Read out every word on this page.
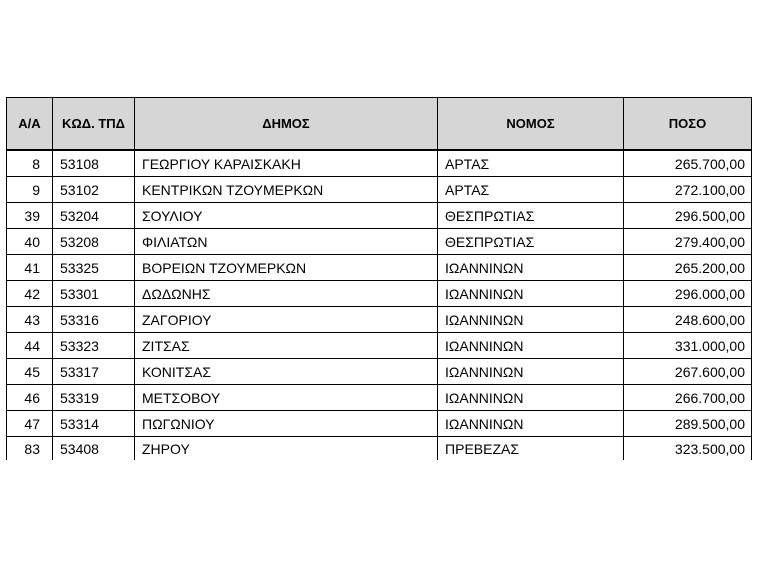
Α/Α	ΚΩΔ. ΤΠΔ	ΔΗΜΟΣ	ΝΟΜΟΣ	ΠΟΣΟ
8	53108	ΓΕΩΡΓΙΟΥ ΚΑΡΑΙΣΚΑΚΗ	ΑΡΤΑΣ	265.700,00
9	53102	ΚΕΝΤΡΙΚΩΝ ΤΖΟΥΜΕΡΚΩΝ	ΑΡΤΑΣ	272.100,00
39	53204	ΣΟΥΛΙΟΥ	ΘΕΣΠΡΩΤΙΑΣ	296.500,00
40	53208	ΦΙΛΙΑΤΩΝ	ΘΕΣΠΡΩΤΙΑΣ	279.400,00
41	53325	ΒΟΡΕΙΩΝ ΤΖΟΥΜΕΡΚΩΝ	ΙΩΑΝΝΙΝΩΝ	265.200,00
42	53301	ΔΩΔΩΝΗΣ	ΙΩΑΝΝΙΝΩΝ	296.000,00
43	53316	ΖΑΓΟΡΙΟΥ	ΙΩΑΝΝΙΝΩΝ	248.600,00
44	53323	ΖΙΤΣΑΣ	ΙΩΑΝΝΙΝΩΝ	331.000,00
45	53317	ΚΟΝΙΤΣΑΣ	ΙΩΑΝΝΙΝΩΝ	267.600,00
46	53319	ΜΕΤΣΟΒΟΥ	ΙΩΑΝΝΙΝΩΝ	266.700,00
47	53314	ΠΩΓΩΝΙΟΥ	ΙΩΑΝΝΙΝΩΝ	289.500,00
83	53408	ΖΗΡΟΥ	ΠΡΕΒΕΖΑΣ	323.500,00
